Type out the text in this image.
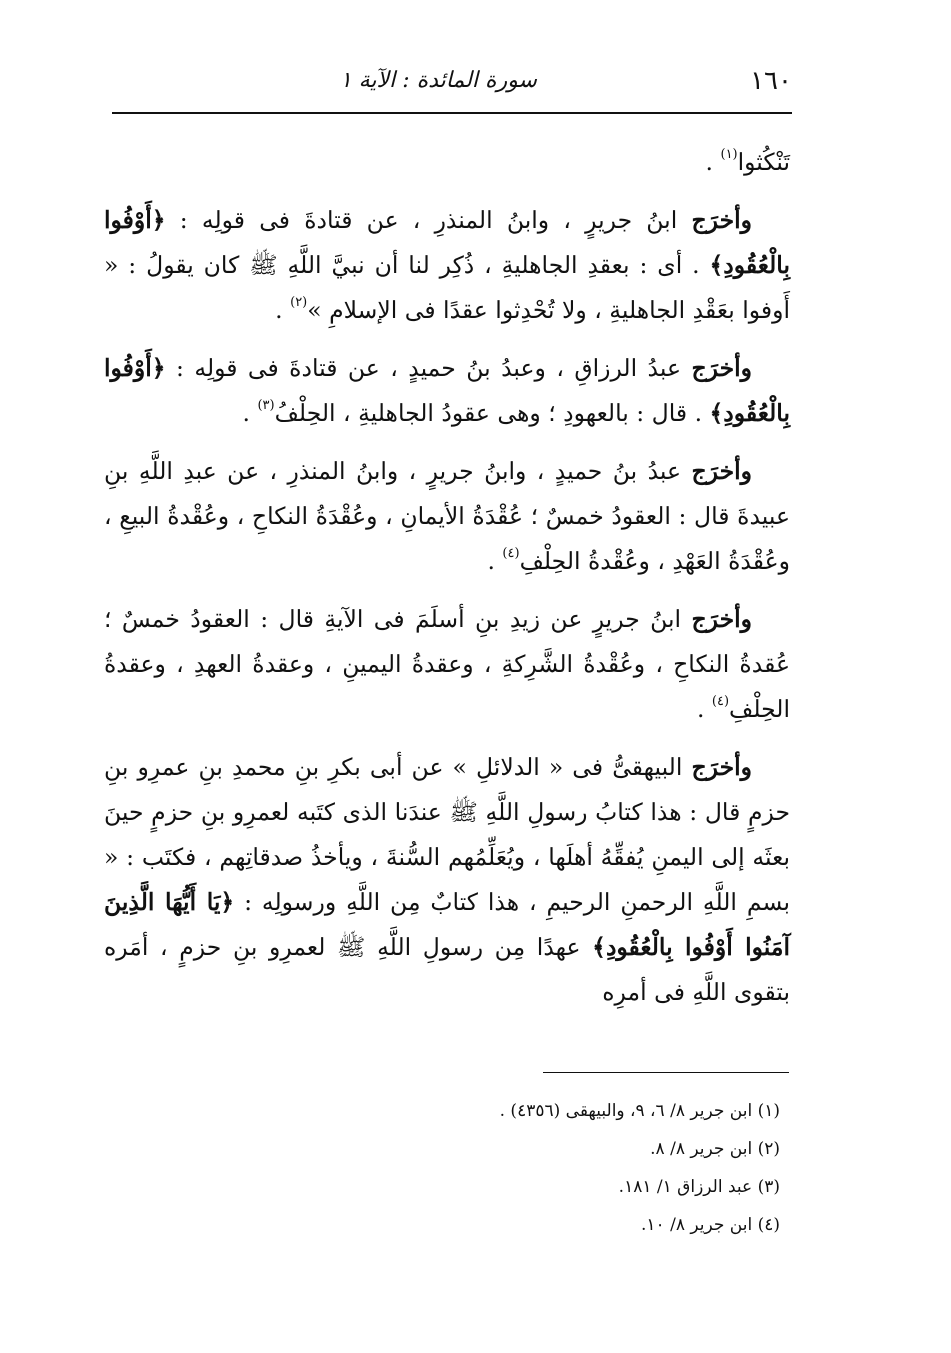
١٦٠
سورة المائدة : الآية ١

تَنْكُثوا$^{(١)}$ .

وأخرَج ابنُ جريرٍ ، وابنُ المنذرِ ، عن قتادةَ فى قولِه : ﴿أَوْفُوا بِالْعُقُودِ﴾ . أى : بعقدِ الجاهليةِ ، ذُكِر لنا أن نبيَّ اللَّهِ ﷺ كان يقولُ : « أَوفوا بعَقْدِ الجاهليةِ ، ولا تُحْدِثوا عقدًا فى الإسلامِ »$^{(٢)}$ .

وأخرَج عبدُ الرزاقِ ، وعبدُ بنُ حميدٍ ، عن قتادةَ فى قولِه : ﴿أَوْفُوا بِالْعُقُودِ﴾ . قال : بالعهودِ ؛ وهى عقودُ الجاهليةِ ، الحِلْفُ$^{(٣)}$ .

وأخرَج عبدُ بنُ حميدٍ ، وابنُ جريرٍ ، وابنُ المنذرِ ، عن عبدِ اللَّهِ بنِ عبيدةَ قال : العقودُ خمسٌ ؛ عُقْدَةُ الأيمانِ ، وعُقْدَةُ النكاحِ ، وعُقْدةُ البيعِ ، وعُقْدَةُ العَهْدِ ، وعُقْدةُ الحِلْفِ$^{(٤)}$ .

وأخرَج ابنُ جريرٍ عن زيدِ بنِ أسلَمَ فى الآيةِ قال : العقودُ خمسٌ ؛ عُقدةُ النكاحِ ، وعُقْدةُ الشَّرِكةِ ، وعقدةُ اليمينِ ، وعقدةُ العهدِ ، وعقدةُ الحِلْفِ$^{(٤)}$ .

وأخرَج البيهقىُّ فى « الدلائلِ » عن أبى بكرِ بنِ محمدِ بنِ عمرِو بنِ حزمٍ قال : هذا كتابُ رسولِ اللَّهِ ﷺ عندَنا الذى كتَبه لعمرِو بنِ حزمٍ حينَ بعثَه إلى اليمنِ يُفقِّهُ أهلَها ، ويُعَلِّمُهم السُّنةَ ، ويأخذُ صدقاتِهم ، فكتَب : « بسمِ اللَّهِ الرحمنِ الرحيمِ ، هذا كتابٌ مِن اللَّهِ ورسولِه : ﴿يَا أَيُّهَا الَّذِينَ آمَنُوا أَوْفُوا بِالْعُقُودِ﴾ عهدًا مِن رسولِ اللَّهِ ﷺ لعمرِو بنِ حزمٍ ، أمَره بتقوى اللَّهِ فى أمرِه

(١) ابن جرير ٨/ ٦، ٩، والبيهقى (٤٣٥٦) .

(٢) ابن جرير ٨/ ٨.

(٣) عبد الرزاق ١/ ١٨١.

(٤) ابن جرير ٨/ ١٠.
